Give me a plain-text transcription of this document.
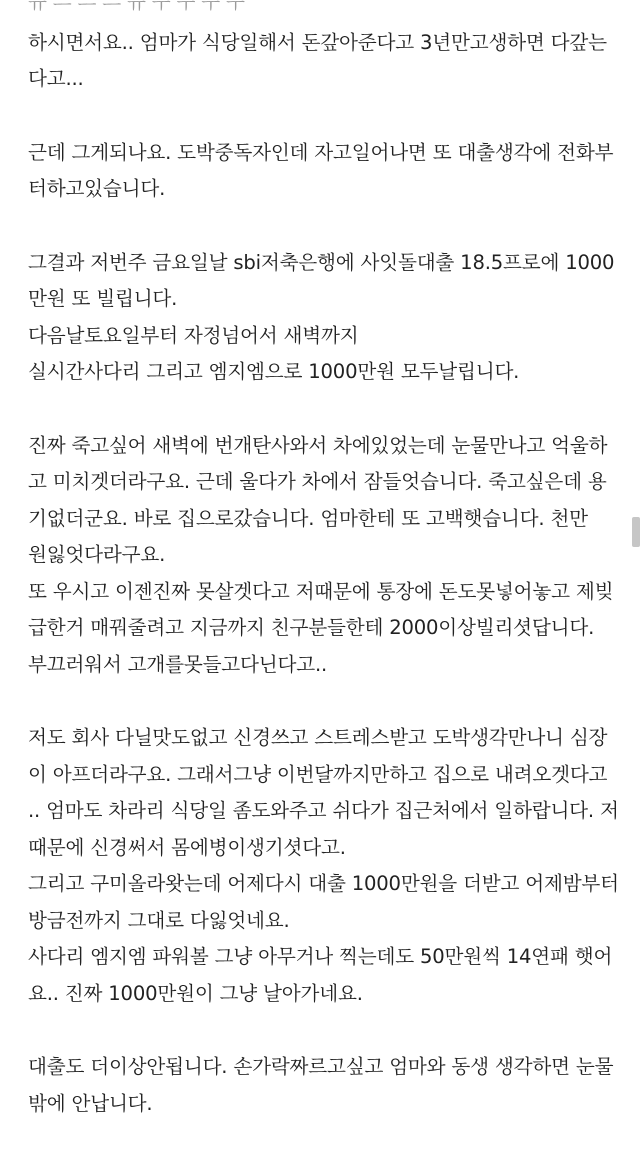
ㅠ ㅡ ㅡ ㅡ ㅠ ㅜ ㅜ ㅜ ㅜ
하시면서요.. 엄마가 식당일해서 돈갚아준다고 3년만고생하면 다갚는
다고...
근데 그게되나요. 도박중독자인데 자고일어나면 또 대출생각에 전화부
터하고있습니다.
그결과 저번주 금요일날 sbi저축은행에 사잇돌대출 18.5프로에 1000
만원 또 빌립니다.
다음날토요일부터 자정넘어서 새벽까지
실시간사다리 그리고 엠지엠으로 1000만원 모두날립니다.
진짜 죽고싶어 새벽에 번개탄사와서 차에있었는데 눈물만나고 억울하
고 미치겟더라구요. 근데 울다가 차에서 잠들엇습니다. 죽고싶은데 용
기없더군요. 바로 집으로갔습니다. 엄마한테 또 고백햇습니다. 천만
원잃엇다라구요.
또 우시고 이젠진짜 못살겟다고 저때문에 통장에 돈도못넣어놓고 제빚
급한거 매꿔줄려고 지금까지 친구분들한테 2000이상빌리셧답니다.
부끄러워서 고개를못들고다닌다고..
저도 회사 다닐맛도없고 신경쓰고 스트레스받고 도박생각만나니 심장
이 아프더라구요. 그래서그냥 이번달까지만하고 집으로 내려오겟다고
.. 엄마도 차라리 식당일 좀도와주고 쉬다가 집근처에서 일하랍니다. 저
때문에 신경써서 몸에병이생기셧다고.
그리고 구미올라왓는데 어제다시 대출 1000만원을 더받고 어제밤부터
방금전까지 그대로 다잃엇네요.
사다리 엠지엠 파워볼 그냥 아무거나 찍는데도 50만원씩 14연패 햇어
요.. 진짜 1000만원이 그냥 날아가네요.
대출도 더이상안됩니다. 손가락짜르고싶고 엄마와 동생 생각하면 눈물
밖에 안납니다.
